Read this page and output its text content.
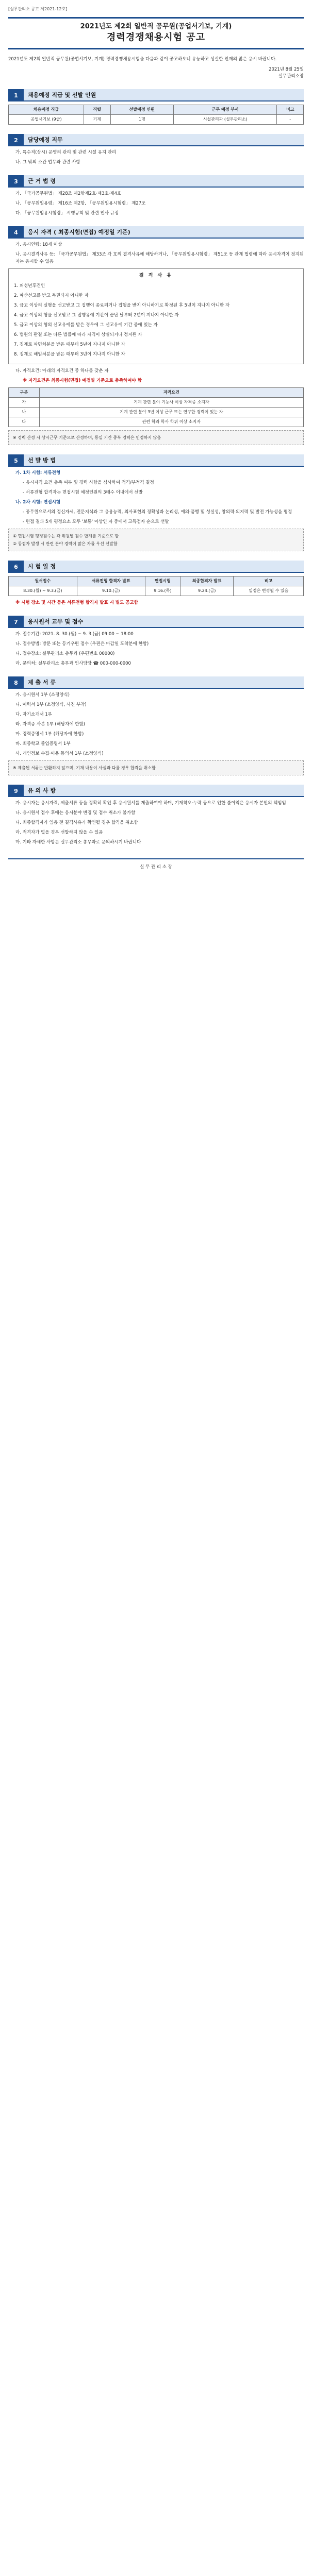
[실무관리소 공고 제2021-12호]
2021년도 제2회 일반직 공무원(공업서기보, 기계)
경력경쟁채용시험 공고
2021년도 제2회 일반직 공무원(공업서기보, 기계) 경력경쟁채용시험을 다음과 같이 공고하오니 유능하고 성실한 인재의 많은 응시 바랍니다.
2021년 8월 25일
실무관리소장
1	채용예정 직급 및 선발 인원
채용예정 직급	직렬	선발예정 인원	근무 예정 부서	비고
공업서기보 (9급)	기계	1명	시설관리과 (실무관리소)	-
2	담당예정 직무
가. 특수직(상시) 운영의 관리 및 관련 시설 유지 관리
나. 그 밖의 소관 업무와 관련 사항
3	근 거 법 령
가. 「국가공무원법」 제28조 제2항제2호·제3호·제4호
나. 「공무원임용령」 제16조 제2항, 「공무원임용시험령」 제27조
다. 「공무원임용시험령」 시행규칙 및 관련 인사 규정
4	응시 자격 ( 최종시험(면접) 예정일 기준)
가. 응시연령: 18세 이상
나. 응시결격사유 등: 「국가공무원법」 제33조 각 호의 결격사유에 해당하거나, 「공무원임용시험령」 제51조 등 관계 법령에 따라 응시자격이 정지된 자는 응시할 수 없음
결 격 사 유
1. 피성년후견인
2. 파산선고를 받고 복권되지 아니한 자
3. 금고 이상의 실형을 선고받고 그 집행이 종료되거나 집행을 받지 아니하기로 확정된 후 5년이 지나지 아니한 자
4. 금고 이상의 형을 선고받고 그 집행유예 기간이 끝난 날부터 2년이 지나지 아니한 자
5. 금고 이상의 형의 선고유예를 받은 경우에 그 선고유예 기간 중에 있는 자
6. 법원의 판결 또는 다른 법률에 따라 자격이 상실되거나 정지된 자
7. 징계로 파면처분을 받은 때부터 5년이 지나지 아니한 자
8. 징계로 해임처분을 받은 때부터 3년이 지나지 아니한 자
다. 자격요건: 아래의 자격요건 중 하나를 갖춘 자
※ 자격요건은 최종시험(면접) 예정일 기준으로 충족하여야 함
구분	자격요건
가	기계 관련 분야 기능사 이상 자격증 소지자
나	기계 관련 분야 3년 이상 근무 또는 연구한 경력이 있는 자
다	관련 학과 학사 학위 이상 소지자
※ 경력 산정 시 상시근무 기준으로 산정하며, 동일 기간 중복 경력은 인정하지 않음
5	선 발 방 법
가. 1차 시험: 서류전형
- 응시자격 요건 충족 여부 및 경력 사항을 심사하여 적격/부적격 결정
- 서류전형 합격자는 면접시험 예정인원의 3배수 이내에서 선발
나. 2차 시험: 면접시험
- 공무원으로서의 정신자세, 전문지식과 그 응용능력, 의사표현의 정확성과 논리성, 예의·품행 및 성실성, 창의력·의지력 및 발전 가능성을 평정
- 면접 결과 5개 평정요소 모두 '보통' 이상인 자 중에서 고득점자 순으로 선발
① 면접시험 평정점수는 각 위원별 점수 합계를 기준으로 함
② 동점자 발생 시 관련 분야 경력이 많은 자를 우선 선발함
6	시 험 일 정
원서접수	서류전형 합격자 발표	면접시험	최종합격자 발표	비고
8.30.(월) ~ 9.3.(금)	9.10.(금)	9.16.(목)	9.24.(금)	일정은 변경될 수 있음
※ 시험 장소 및 시간 등은 서류전형 합격자 발표 시 별도 공고함
7	응시원서 교부 및 접수
가. 접수기간: 2021. 8. 30.(월) ~ 9. 3.(금) 09:00 ~ 18:00
나. 접수방법: 방문 또는 등기우편 접수 (우편은 마감일 도착분에 한함)
다. 접수장소: 실무관리소 총무과 (우편번호 00000)
라. 문의처: 실무관리소 총무과 인사담당 ☎ 000-000-0000
8	제 출 서 류
가. 응시원서 1부 (소정양식)
나. 이력서 1부 (소정양식, 사진 부착)
다. 자기소개서 1부
라. 자격증 사본 1부 (해당자에 한함)
마. 경력증명서 1부 (해당자에 한함)
바. 최종학교 졸업증명서 1부
사. 개인정보 수집·이용 동의서 1부 (소정양식)
※ 제출된 서류는 반환하지 않으며, 기재 내용이 사실과 다를 경우 합격을 취소함
9	유 의 사 항
가. 응시자는 응시자격, 제출서류 등을 정확히 확인 후 응시원서를 제출하여야 하며, 기재착오·누락 등으로 인한 불이익은 응시자 본인의 책임임
나. 응시원서 접수 후에는 응시분야 변경 및 접수 취소가 불가함
다. 최종합격자가 임용 전 결격사유가 확인될 경우 합격을 취소함
라. 적격자가 없을 경우 선발하지 않을 수 있음
마. 기타 자세한 사항은 실무관리소 총무과로 문의하시기 바랍니다
실 무 관 리 소 장
